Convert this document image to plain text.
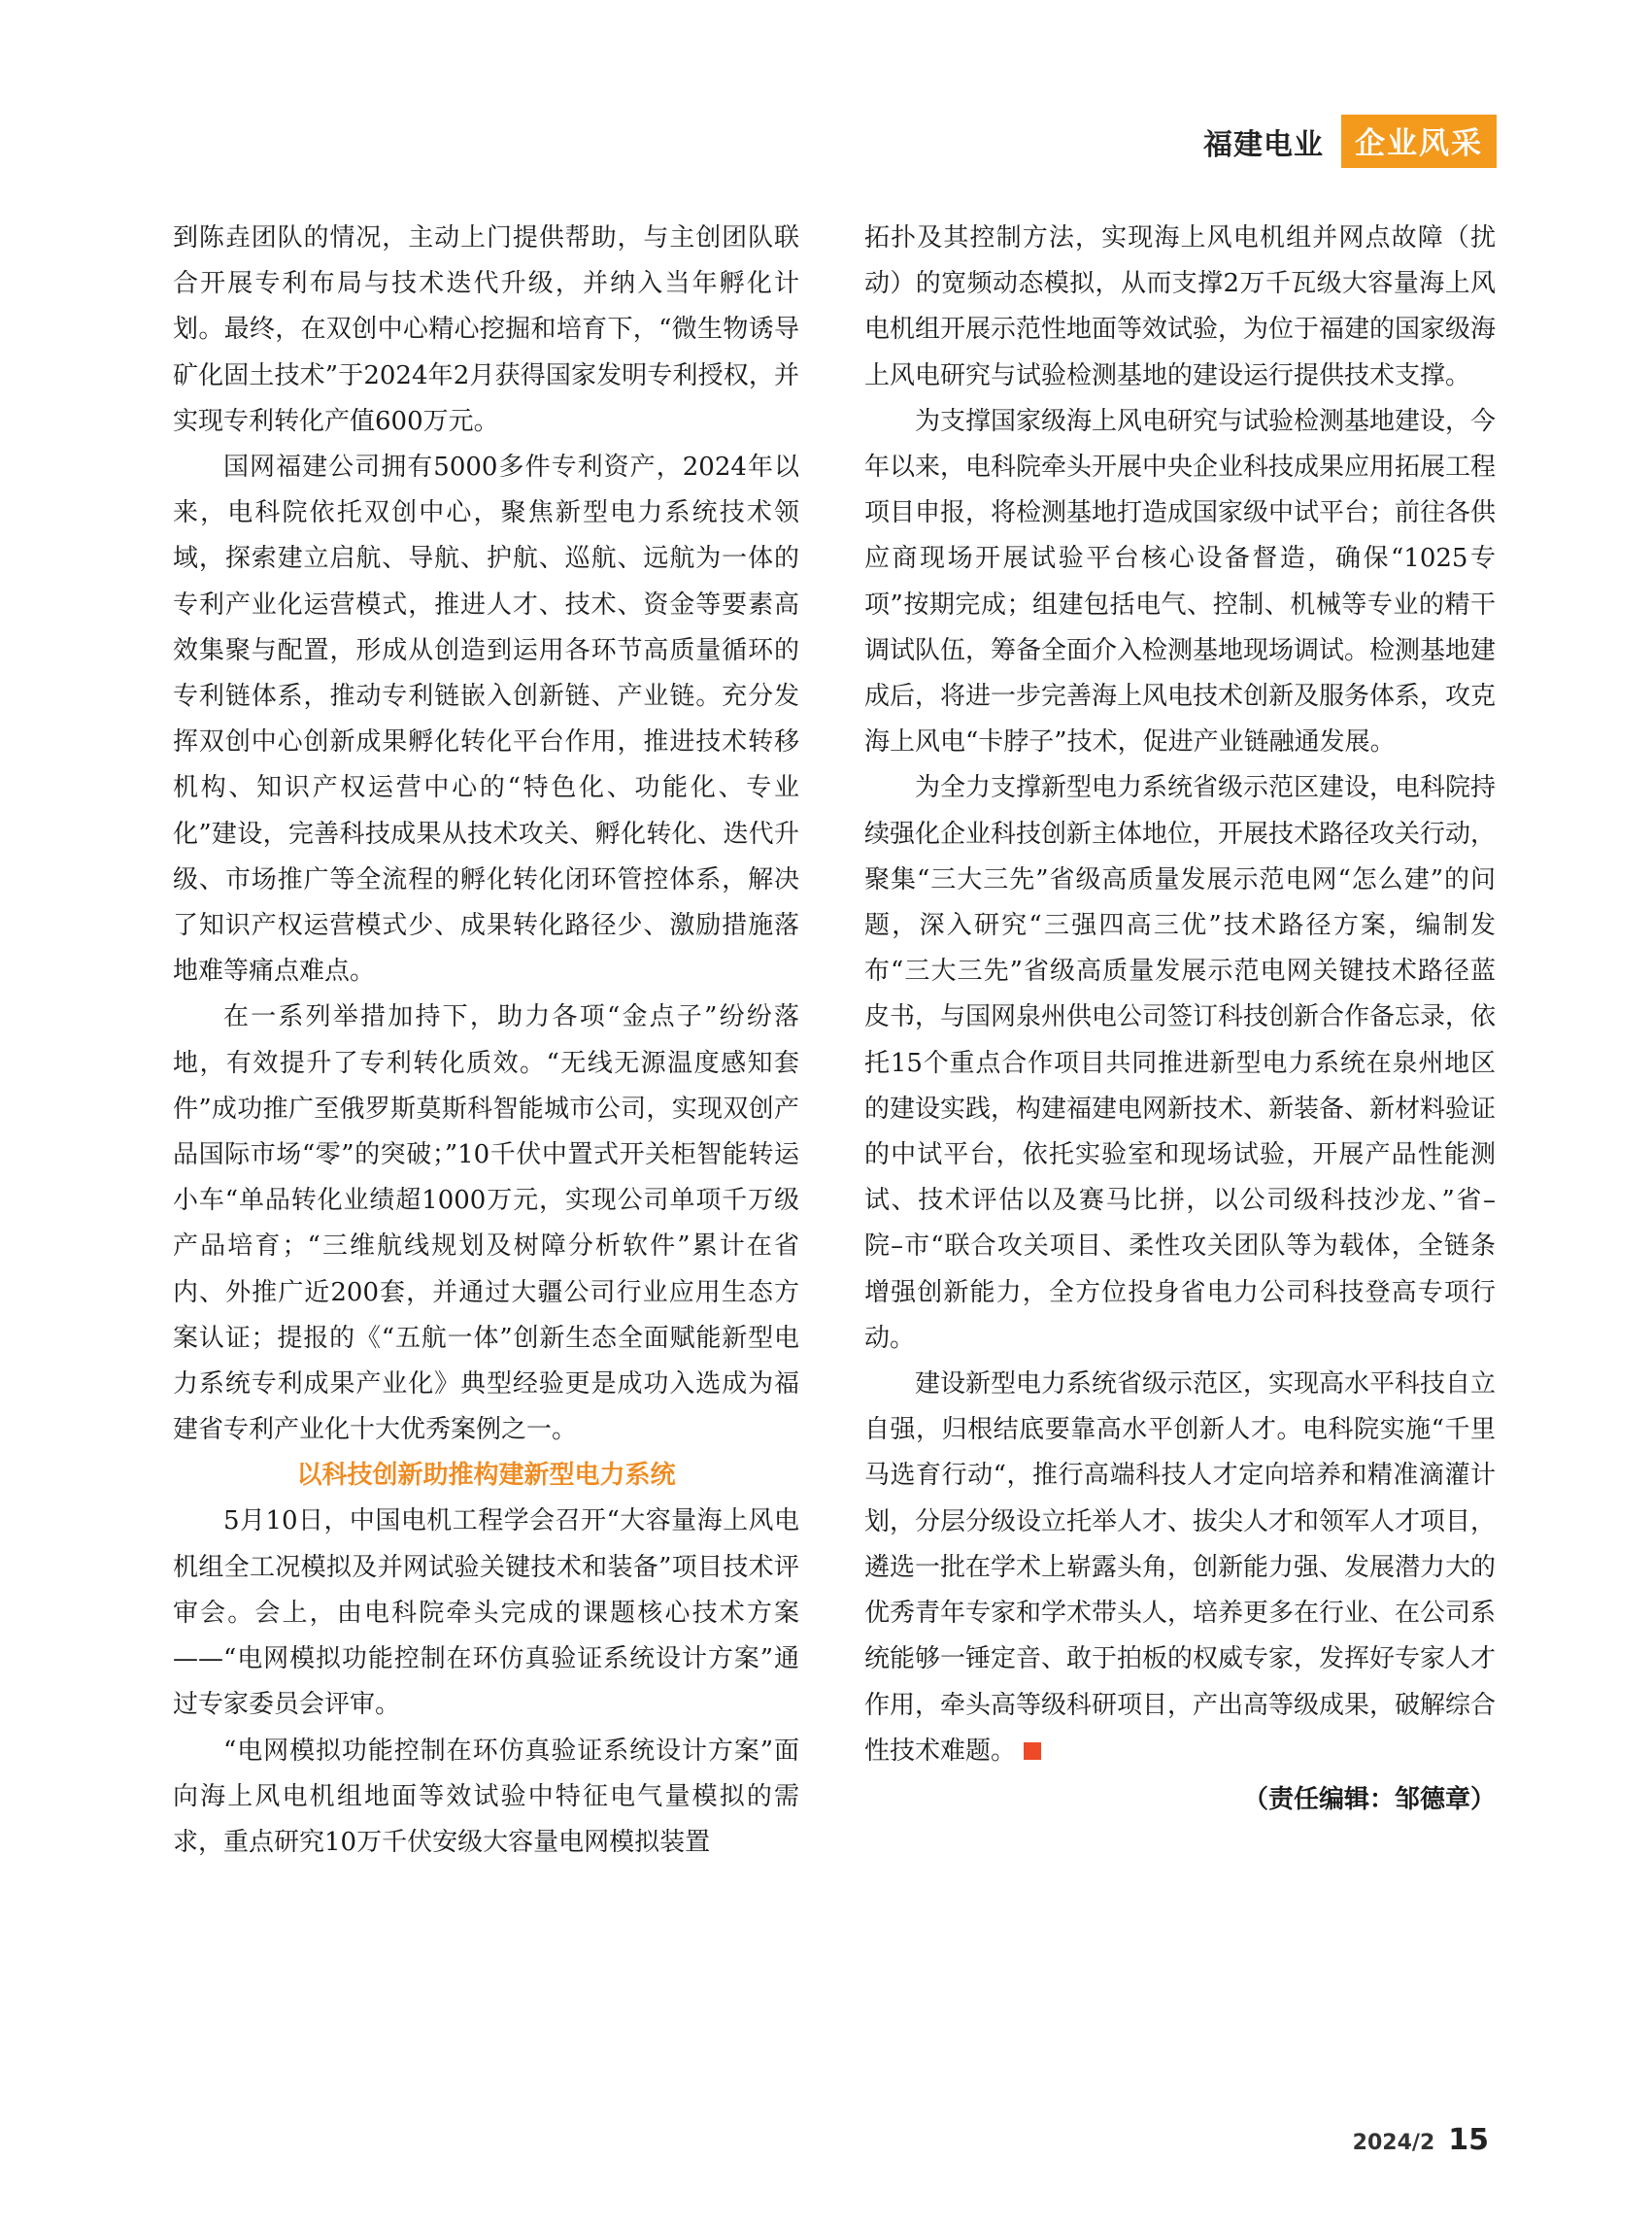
福建电业	企业风采

到陈垚团队的情况，主动上门提供帮助，与主创团队联合开展专利布局与技术迭代升级，并纳入当年孵化计划。最终，在双创中心精心挖掘和培育下，“微生物诱导矿化固土技术”于2024年2月获得国家发明专利授权，并实现专利转化产值600万元。

国网福建公司拥有5000多件专利资产，2024年以来，电科院依托双创中心，聚焦新型电力系统技术领域，探索建立启航、导航、护航、巡航、远航为一体的专利产业化运营模式，推进人才、技术、资金等要素高效集聚与配置，形成从创造到运用各环节高质量循环的专利链体系，推动专利链嵌入创新链、产业链。充分发挥双创中心创新成果孵化转化平台作用，推进技术转移机构、知识产权运营中心的“特色化、功能化、专业化”建设，完善科技成果从技术攻关、孵化转化、迭代升级、市场推广等全流程的孵化转化闭环管控体系，解决了知识产权运营模式少、成果转化路径少、激励措施落地难等痛点难点。

在一系列举措加持下，助力各项“金点子”纷纷落地，有效提升了专利转化质效。“无线无源温度感知套件”成功推广至俄罗斯莫斯科智能城市公司，实现双创产品国际市场“零”的突破；”10千伏中置式开关柜智能转运小车“单品转化业绩超1000万元，实现公司单项千万级产品培育；“三维航线规划及树障分析软件”累计在省内、外推广近200套，并通过大疆公司行业应用生态方案认证；提报的《“五航一体”创新生态全面赋能新型电力系统专利成果产业化》典型经验更是成功入选成为福建省专利产业化十大优秀案例之一。

以科技创新助推构建新型电力系统

5月10日，中国电机工程学会召开“大容量海上风电机组全工况模拟及并网试验关键技术和装备”项目技术评审会。会上，由电科院牵头完成的课题核心技术方案——“电网模拟功能控制在环仿真验证系统设计方案”通过专家委员会评审。

“电网模拟功能控制在环仿真验证系统设计方案”面向海上风电机组地面等效试验中特征电气量模拟的需求，重点研究10万千伏安级大容量电网模拟装置

拓扑及其控制方法，实现海上风电机组并网点故障（扰动）的宽频动态模拟，从而支撑2万千瓦级大容量海上风电机组开展示范性地面等效试验，为位于福建的国家级海上风电研究与试验检测基地的建设运行提供技术支撑。

为支撑国家级海上风电研究与试验检测基地建设，今年以来，电科院牵头开展中央企业科技成果应用拓展工程项目申报，将检测基地打造成国家级中试平台；前往各供应商现场开展试验平台核心设备督造，确保“1025专项”按期完成；组建包括电气、控制、机械等专业的精干调试队伍，筹备全面介入检测基地现场调试。检测基地建成后，将进一步完善海上风电技术创新及服务体系，攻克海上风电“卡脖子”技术，促进产业链融通发展。

为全力支撑新型电力系统省级示范区建设，电科院持续强化企业科技创新主体地位，开展技术路径攻关行动，聚集“三大三先”省级高质量发展示范电网“怎么建”的问题，深入研究“三强四高三优”技术路径方案，编制发布“三大三先”省级高质量发展示范电网关键技术路径蓝皮书，与国网泉州供电公司签订科技创新合作备忘录，依托15个重点合作项目共同推进新型电力系统在泉州地区的建设实践，构建福建电网新技术、新装备、新材料验证的中试平台，依托实验室和现场试验，开展产品性能测试、技术评估以及赛马比拼，以公司级科技沙龙、”省–院–市“联合攻关项目、柔性攻关团队等为载体，全链条增强创新能力，全方位投身省电力公司科技登高专项行动。

建设新型电力系统省级示范区，实现高水平科技自立自强，归根结底要靠高水平创新人才。电科院实施“千里马选育行动“，推行高端科技人才定向培养和精准滴灌计划，分层分级设立托举人才、拔尖人才和领军人才项目，遴选一批在学术上崭露头角，创新能力强、发展潜力大的优秀青年专家和学术带头人，培养更多在行业、在公司系统能够一锤定音、敢于拍板的权威专家，发挥好专家人才作用，牵头高等级科研项目，产出高等级成果，破解综合性技术难题。

（责任编辑：邹德章）
2024/2 15
